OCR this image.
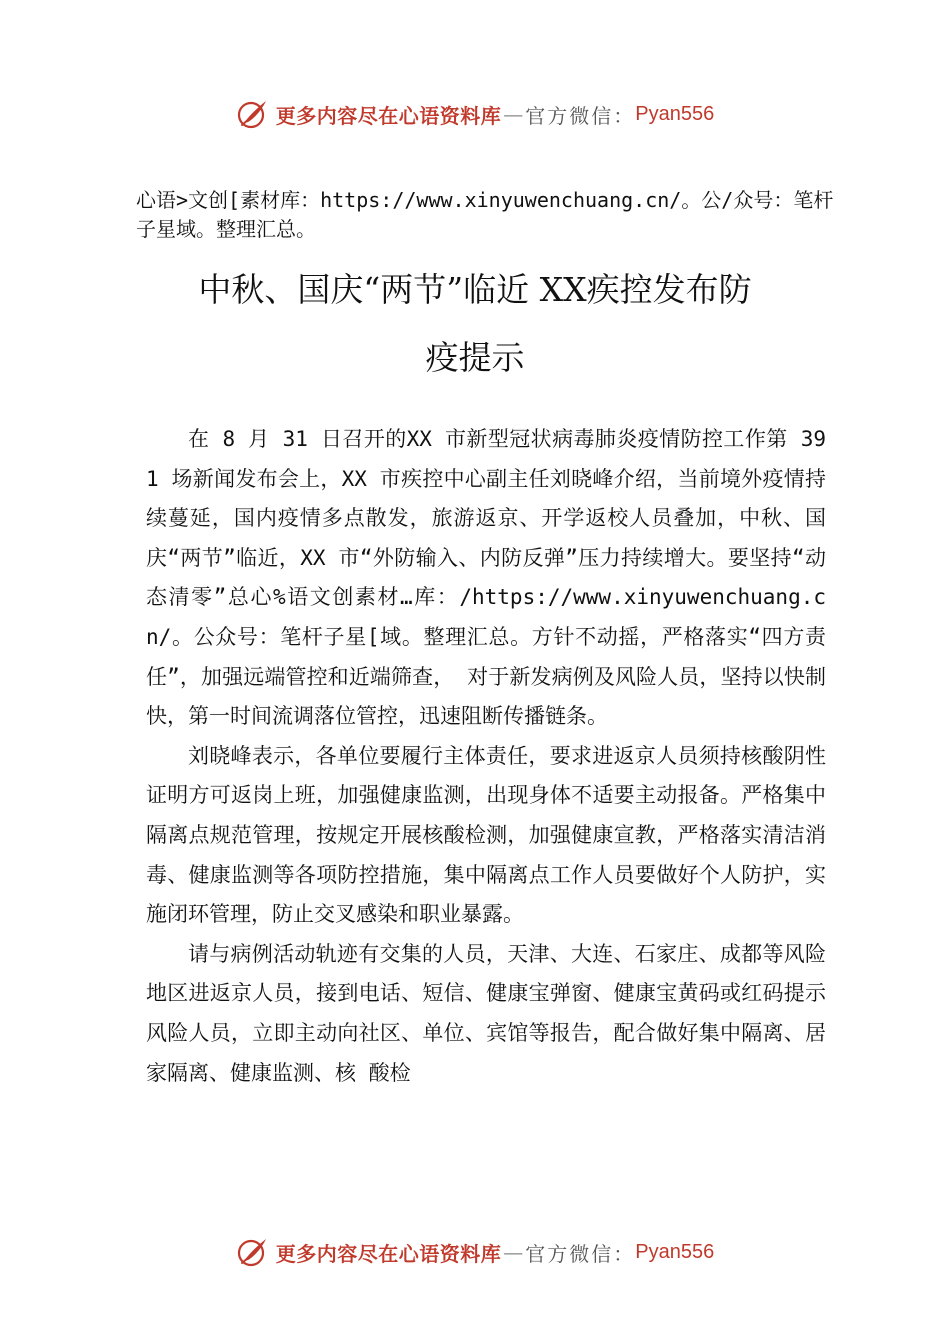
更多内容尽在心语资料库 — 官方微信： Pyan556
心语>文创[素材库：https://www.xinyuwenchuang.cn/。公/众号：笔杆子星域。整理汇总。
中秋、国庆“两节”临近 XX疾控发布防
疫提示

在 8 月 31 日召开的XX 市新型冠状病毒肺炎疫情防控工作第 391 场新闻发布会上，XX 市疾控中心副主任刘晓峰介绍，当前境外疫情持续蔓延，国内疫情多点散发，旅游返京、开学返校人员叠加，中秋、国庆“两节”临近，XX 市“外防输入、内防反弹”压力持续增大。要坚持“动态清零”总心%语文创素材…库：/https://www.xinyuwenchuang.cn/。公众号：笔杆子星[域。整理汇总。方针不动摇，严格落实“四方责任”，加强远端管控和近端筛查， 对于新发病例及风险人员，坚持以快制快，第一时间流调落位管控，迅速阻断传播链条。

刘晓峰表示，各单位要履行主体责任，要求进返京人员须持核酸阴性证明方可返岗上班，加强健康监测，出现身体不适要主动报备。严格集中隔离点规范管理，按规定开展核酸检测，加强健康宣教，严格落实清洁消毒、健康监测等各项防控措施，集中隔离点工作人员要做好个人防护，实施闭环管理，防止交叉感染和职业暴露。

请与病例活动轨迹有交集的人员，天津、大连、石家庄、成都等风险地区进返京人员，接到电话、短信、健康宝弹窗、健康宝黄码或红码提示风险人员，立即主动向社区、单位、宾馆等报告，配合做好集中隔离、居家隔离、健康监测、核 酸检

更多内容尽在心语资料库 — 官方微信： Pyan556
